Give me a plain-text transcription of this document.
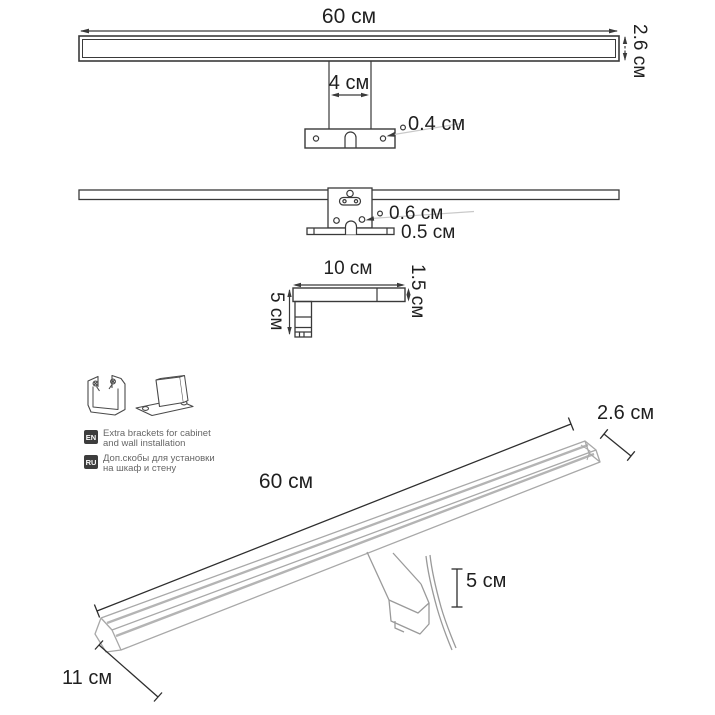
60 см
2.6 см
4 см
0.4 см
0.6 см
0.5 см
10 см	1.5 см
5 см
2.6 см
60 см
5 см
11 см
EN Extra brackets for cabinet
and wall installation
RU Доп.скобы для установки
на шкаф и стену
